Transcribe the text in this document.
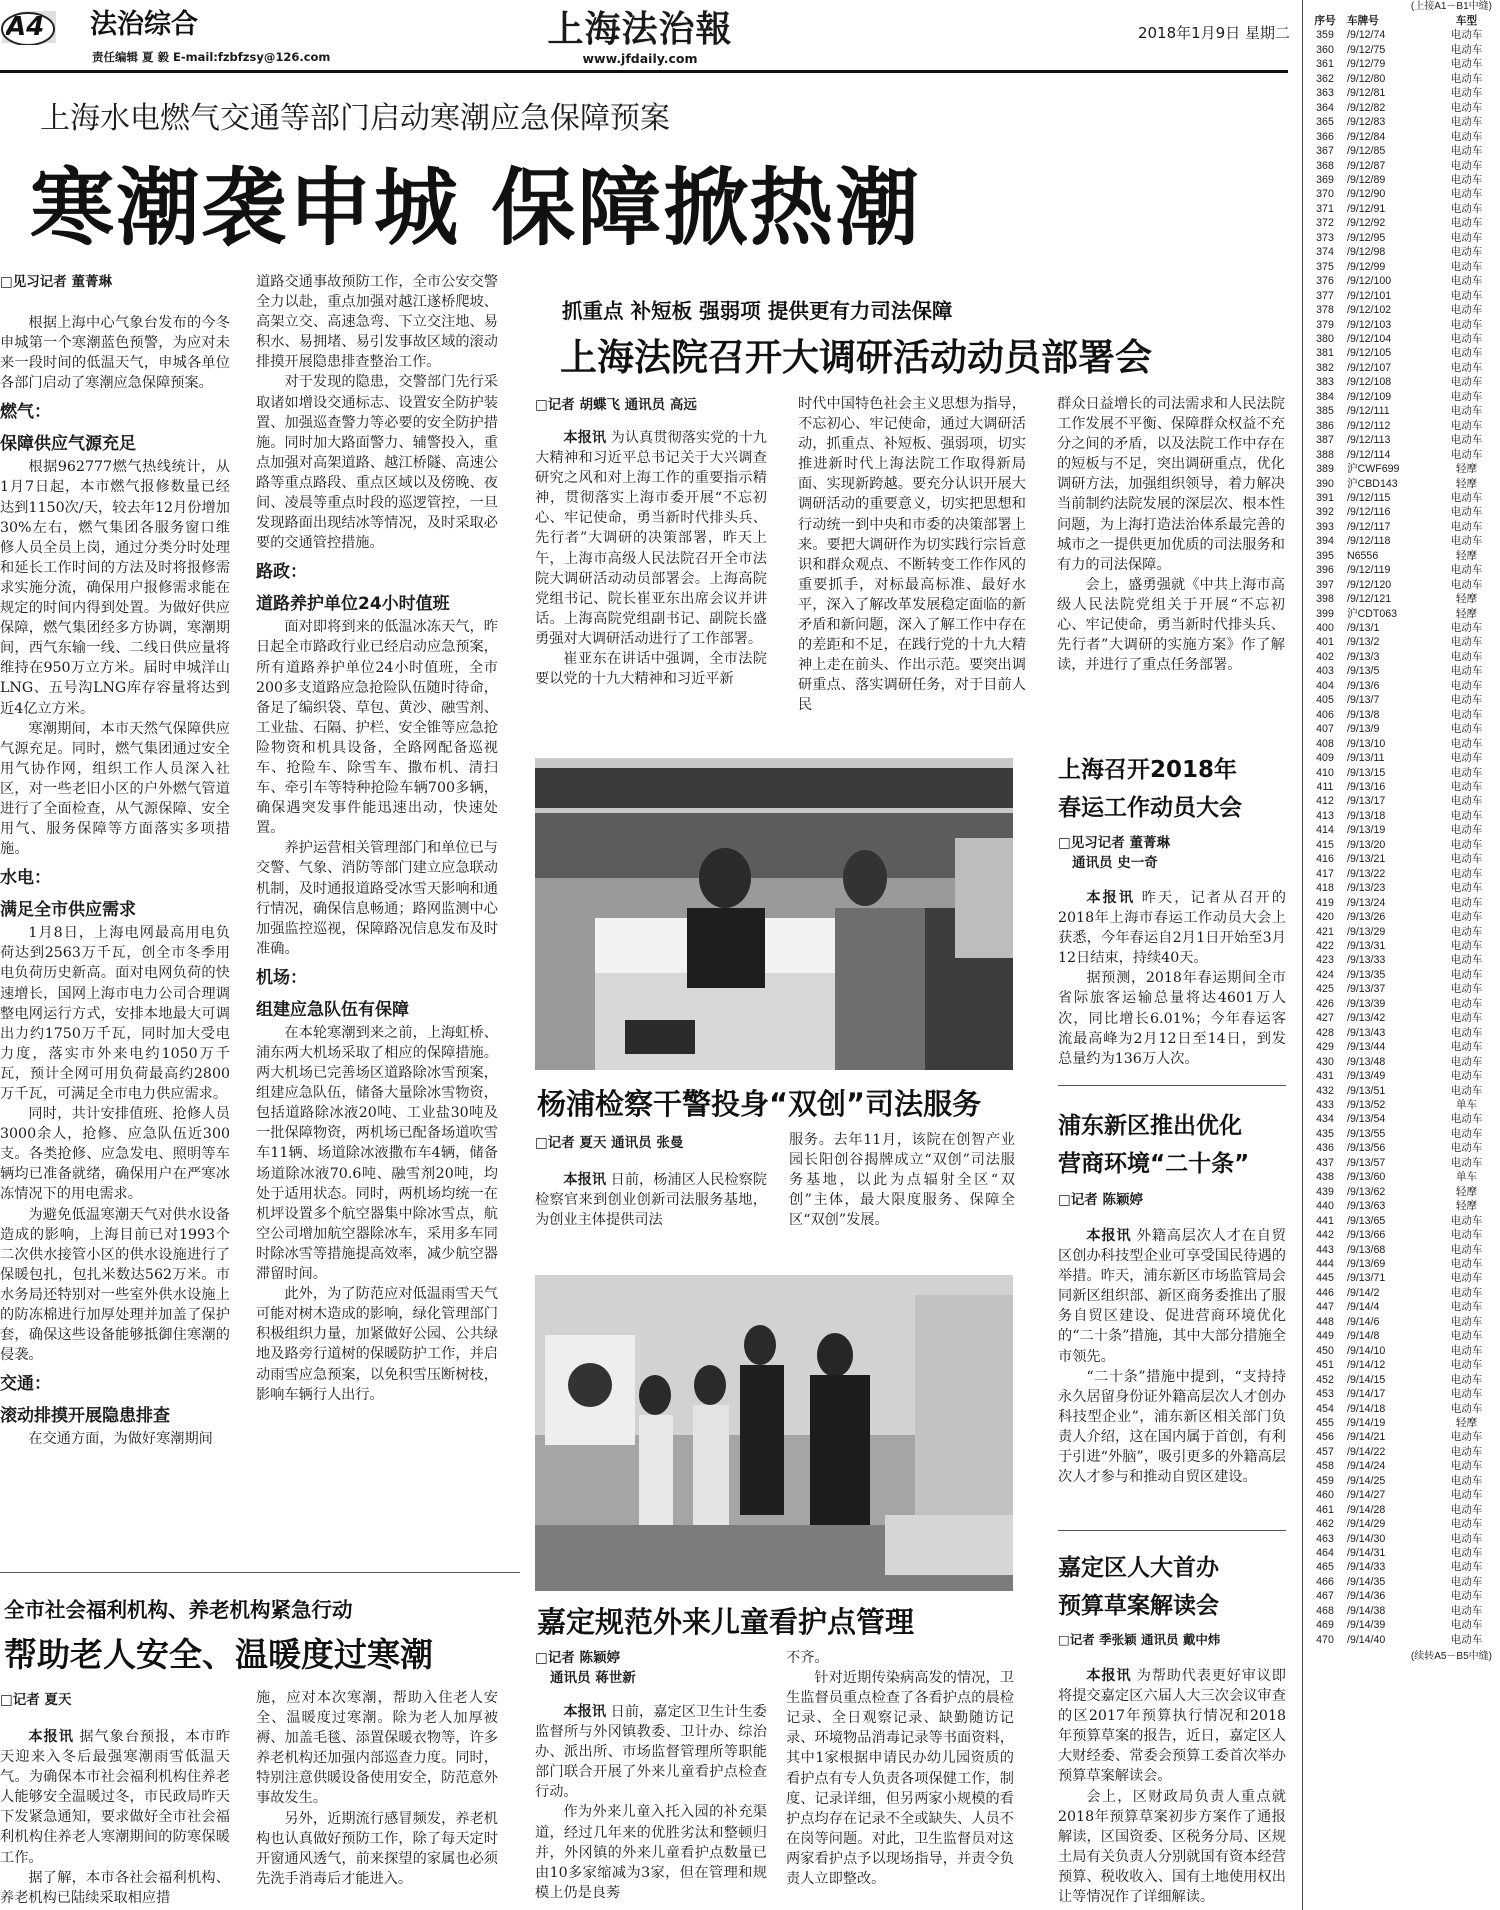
A4	法治综合
责任编辑 夏 毅 E-mail:fzbfzsy@126.com
上海法治報
www.jfdaily.com
2018年1月9日 星期二
上海水电燃气交通等部门启动寒潮应急保障预案
寒潮袭申城 保障掀热潮
□见习记者 董菁琳
根据上海中心气象台发布的今冬申城第一个寒潮蓝色预警，为应对未来一段时间的低温天气，申城各单位各部门启动了寒潮应急保障预案。
燃气：
保障供应气源充足
根据962777燃气热线统计，从1月7日起，本市燃气报修数量已经达到1150次/天，较去年12月份增加30%左右，燃气集团各服务窗口维修人员全员上岗，通过分类分时处理和延长工作时间的方法及时将报修需求实施分流，确保用户报修需求能在规定的时间内得到处置。为做好供应保障，燃气集团经多方协调，寒潮期间，西气东输一线、二线日供应量将维持在950万立方米。届时申城洋山LNG、五号沟LNG库存容量将达到近4亿立方米。
寒潮期间，本市天然气保障供应气源充足。同时，燃气集团通过安全用气协作网，组织工作人员深入社区，对一些老旧小区的户外燃气管道进行了全面检查，从气源保障、安全用气、服务保障等方面落实多项措施。
水电：
满足全市供应需求
1月8日，上海电网最高用电负荷达到2563万千瓦，创全市冬季用电负荷历史新高。面对电网负荷的快速增长，国网上海市电力公司合理调整电网运行方式，安排本地最大可调出力约1750万千瓦，同时加大受电力度，落实市外来电约1050万千瓦，预计全网可用负荷最高约2800万千瓦，可满足全市电力供应需求。
同时，共计安排值班、抢修人员3000余人，抢修、应急队伍近300支。各类抢修、应急发电、照明等车辆均已准备就绪，确保用户在严寒冰冻情况下的用电需求。
为避免低温寒潮天气对供水设备造成的影响，上海目前已对1993个二次供水接管小区的供水设施进行了保暖包扎，包扎米数达562万米。市水务局还特别对一些室外供水设施上的防冻棉进行加厚处理并加盖了保护套，确保这些设备能够抵御住寒潮的侵袭。
交通：
滚动排摸开展隐患排查
在交通方面，为做好寒潮期间
道路交通事故预防工作，全市公安交警全力以赴，重点加强对越江遂桥爬坡、高架立交、高速急弯、下立交注地、易积水、易拥堵、易引发事故区域的滚动排摸开展隐患排查整治工作。
对于发现的隐患，交警部门先行采取诸如增设交通标志、设置安全防护装置、加强巡查警力等必要的安全防护措施。同时加大路面警力、辅警投入，重点加强对高架道路、越江桥隧、高速公路等重点路段、重点区域以及傍晚、夜间、凌晨等重点时段的巡逻管控，一旦发现路面出现结冰等情况，及时采取必要的交通管控措施。
路政：
道路养护单位24小时值班
面对即将到来的低温冰冻天气，昨日起全市路政行业已经启动应急预案，所有道路养护单位24小时值班，全市200多支道路应急抢险队伍随时待命，备足了编织袋、草包、黄沙、融雪剂、工业盐、石隔、护栏、安全锥等应急抢险物资和机具设备，全路网配备巡视车、抢险车、除雪车、撒布机、清扫车、牵引车等特种抢险车辆700多辆，确保遇突发事件能迅速出动，快速处置。
养护运营相关管理部门和单位已与交警、气象、消防等部门建立应急联动机制，及时通报道路受冰雪天影响和通行情况，确保信息畅通；路网监测中心加强监控巡视，保障路况信息发布及时准确。
机场：
组建应急队伍有保障
在本轮寒潮到来之前，上海虹桥、浦东两大机场采取了相应的保障措施。两大机场已完善场区道路除冰雪预案，组建应急队伍，储备大量除冰雪物资，包括道路除冰液20吨、工业盐30吨及一批保障物资，两机场已配备场道吹雪车11辆、场道除冰液撒布车4辆，储备场道除冰液70.6吨、融雪剂20吨，均处于适用状态。同时，两机场均统一在机坪设置多个航空器集中除冰雪点，航空公司增加航空器除冰车，采用多车同时除冰雪等措施提高效率，减少航空器滞留时间。
此外，为了防范应对低温雨雪天气可能对树木造成的影响，绿化管理部门积极组织力量，加紧做好公园、公共绿地及路旁行道树的保暖防护工作，并启动雨雪应急预案，以免积雪压断树枝，影响车辆行人出行。
抓重点 补短板 强弱项 提供更有力司法保障
上海法院召开大调研活动动员部署会
□记者 胡蝶飞 通讯员 高远
本报讯 为认真贯彻落实党的十九大精神和习近平总书记关于大兴调查研究之风和对上海工作的重要指示精神，贯彻落实上海市委开展“不忘初心、牢记使命，勇当新时代排头兵、先行者”大调研的决策部署，昨天上午，上海市高级人民法院召开全市法院大调研活动动员部署会。上海高院党组书记、院长崔亚东出席会议并讲话。上海高院党组副书记、副院长盛勇强对大调研活动进行了工作部署。
崔亚东在讲话中强调，全市法院要以党的十九大精神和习近平新
时代中国特色社会主义思想为指导，不忘初心、牢记使命，通过大调研活动，抓重点、补短板、强弱项，切实推进新时代上海法院工作取得新局面、实现新跨越。要充分认识开展大调研活动的重要意义，切实把思想和行动统一到中央和市委的决策部署上来。要把大调研作为切实践行宗旨意识和群众观点、不断转变工作作风的重要抓手，对标最高标准、最好水平，深入了解改革发展稳定面临的新矛盾和新问题，深入了解工作中存在的差距和不足，在践行党的十九大精神上走在前头、作出示范。要突出调研重点、落实调研任务，对于目前人民
群众日益增长的司法需求和人民法院工作发展不平衡、保障群众权益不充分之间的矛盾，以及法院工作中存在的短板与不足，突出调研重点，优化调研方法，加强组织领导，着力解决当前制约法院发展的深层次、根本性问题，为上海打造法治体系最完善的城市之一提供更加优质的司法服务和有力的司法保障。
会上，盛勇强就《中共上海市高级人民法院党组关于开展“不忘初心、牢记使命，勇当新时代排头兵、先行者”大调研的实施方案》作了解读，并进行了重点任务部署。
杨浦检察干警投身“双创”司法服务
□记者 夏天 通讯员 张曼
本报讯 日前，杨浦区人民检察院检察官来到创业创新司法服务基地，为创业主体提供司法
服务。去年11月，该院在创智产业园长阳创谷揭牌成立“双创”司法服务基地，以此为点辐射全区“双创”主体，最大限度服务、保障全区“双创”发展。
嘉定规范外来儿童看护点管理
□记者 陈颖婷
通讯员 蒋世新
本报讯 日前，嘉定区卫生计生委监督所与外冈镇教委、卫计办、综治办、派出所、市场监督管理所等职能部门联合开展了外来儿童看护点检查行动。
作为外来儿童入托入园的补充渠道，经过几年来的优胜劣汰和整顿归并，外冈镇的外来儿童看护点数量已由10多家缩减为3家，但在管理和规模上仍是良莠
不齐。
针对近期传染病高发的情况，卫生监督员重点检查了各看护点的晨检记录、全日观察记录、缺勤随访记录、环境物品消毒记录等书面资料，其中1家根据申请民办幼儿园资质的看护点有专人负责各项保健工作，制度、记录详细，但另两家小规模的看护点均存在记录不全或缺失、人员不在岗等问题。对此，卫生监督员对这两家看护点予以现场指导，并责令负责人立即整改。
全市社会福利机构、养老机构紧急行动
帮助老人安全、温暖度过寒潮
□记者 夏天
本报讯 据气象台预报，本市昨天迎来入冬后最强寒潮雨雪低温天气。为确保本市社会福利机构住养老人能够安全温暖过冬，市民政局昨天下发紧急通知，要求做好全市社会福利机构住养老人寒潮期间的防寒保暖工作。
据了解，本市各社会福利机构、养老机构已陆续采取相应措
施，应对本次寒潮，帮助入住老人安全、温暖度过寒潮。除为老人加厚被褥、加盖毛毯、添置保暖衣物等，许多养老机构还加强内部巡查力度。同时，特别注意供暖设备使用安全，防范意外事故发生。
另外，近期流行感冒频发，养老机构也认真做好预防工作，除了每天定时开窗通风透气，前来探望的家属也必须先洗手消毒后才能进入。
上海召开2018年
春运工作动员大会
□见习记者 董菁琳
通讯员 史一奇
本报讯 昨天，记者从召开的2018年上海市春运工作动员大会上获悉，今年春运自2月1日开始至3月12日结束，持续40天。
据预测，2018年春运期间全市省际旅客运输总量将达4601万人次，同比增长6.01%；今年春运客流最高峰为2月12日至14日，到发总量约为136万人次。
浦东新区推出优化
营商环境“二十条”
□记者 陈颖婷
本报讯 外籍高层次人才在自贸区创办科技型企业可享受国民待遇的举措。昨天，浦东新区市场监管局会同新区组织部、新区商务委推出了服务自贸区建设、促进营商环境优化的“二十条”措施，其中大部分措施全市领先。
“二十条”措施中提到，“支持持永久居留身份证外籍高层次人才创办科技型企业”，浦东新区相关部门负责人介绍，这在国内属于首创，有利于引进“外脑”，吸引更多的外籍高层次人才参与和推动自贸区建设。
嘉定区人大首办
预算草案解读会
□记者 季张颖 通讯员 戴中炜
本报讯 为帮助代表更好审议即将提交嘉定区六届人大三次会议审查的区2017年预算执行情况和2018年预算草案的报告，近日，嘉定区人大财经委、常委会预算工委首次举办预算草案解读会。
会上，区财政局负责人重点就2018年预算草案初步方案作了通报解读，区国资委、区税务分局、区规土局有关负责人分别就国有资本经营预算、税收收入、国有土地使用权出让等情况作了详细解读。
(上接A1－B1中缝)
序号	车牌号	车型
359	/9/12/74	电动车
360	/9/12/75	电动车
361	/9/12/79	电动车
362	/9/12/80	电动车
363	/9/12/81	电动车
364	/9/12/82	电动车
365	/9/12/83	电动车
366	/9/12/84	电动车
367	/9/12/85	电动车
368	/9/12/87	电动车
369	/9/12/89	电动车
370	/9/12/90	电动车
371	/9/12/91	电动车
372	/9/12/92	电动车
373	/9/12/95	电动车
374	/9/12/98	电动车
375	/9/12/99	电动车
376	/9/12/100	电动车
377	/9/12/101	电动车
378	/9/12/102	电动车
379	/9/12/103	电动车
380	/9/12/104	电动车
381	/9/12/105	电动车
382	/9/12/107	电动车
383	/9/12/108	电动车
384	/9/12/109	电动车
385	/9/12/111	电动车
386	/9/12/112	电动车
387	/9/12/113	电动车
388	/9/12/114	电动车
389	沪CWF699	轻摩
390	沪CBD143	轻摩
391	/9/12/115	电动车
392	/9/12/116	电动车
393	/9/12/117	电动车
394	/9/12/118	电动车
395	N6556	轻摩
396	/9/12/119	电动车
397	/9/12/120	电动车
398	/9/12/121	轻摩
399	沪CDT063	轻摩
400	/9/13/1	电动车
401	/9/13/2	电动车
402	/9/13/3	电动车
403	/9/13/5	电动车
404	/9/13/6	电动车
405	/9/13/7	电动车
406	/9/13/8	电动车
407	/9/13/9	电动车
408	/9/13/10	电动车
409	/9/13/11	电动车
410	/9/13/15	电动车
411	/9/13/16	电动车
412	/9/13/17	电动车
413	/9/13/18	电动车
414	/9/13/19	电动车
415	/9/13/20	电动车
416	/9/13/21	电动车
417	/9/13/22	电动车
418	/9/13/23	电动车
419	/9/13/24	电动车
420	/9/13/26	电动车
421	/9/13/29	电动车
422	/9/13/31	电动车
423	/9/13/33	电动车
424	/9/13/35	电动车
425	/9/13/37	电动车
426	/9/13/39	电动车
427	/9/13/42	电动车
428	/9/13/43	电动车
429	/9/13/44	电动车
430	/9/13/48	电动车
431	/9/13/49	电动车
432	/9/13/51	电动车
433	/9/13/52	单车
434	/9/13/54	电动车
435	/9/13/55	电动车
436	/9/13/56	电动车
437	/9/13/57	电动车
438	/9/13/60	单车
439	/9/13/62	轻摩
440	/9/13/63	轻摩
441	/9/13/65	电动车
442	/9/13/66	电动车
443	/9/13/68	电动车
444	/9/13/69	电动车
445	/9/13/71	电动车
446	/9/14/2	电动车
447	/9/14/4	电动车
448	/9/14/6	电动车
449	/9/14/8	电动车
450	/9/14/10	电动车
451	/9/14/12	电动车
452	/9/14/15	电动车
453	/9/14/17	电动车
454	/9/14/18	电动车
455	/9/14/19	轻摩
456	/9/14/21	电动车
457	/9/14/22	电动车
458	/9/14/24	电动车
459	/9/14/25	电动车
460	/9/14/27	电动车
461	/9/14/28	电动车
462	/9/14/29	电动车
463	/9/14/30	电动车
464	/9/14/31	电动车
465	/9/14/33	电动车
466	/9/14/35	电动车
467	/9/14/36	电动车
468	/9/14/38	电动车
469	/9/14/39	电动车
470	/9/14/40	电动车
(续转A5－B5中缝)
